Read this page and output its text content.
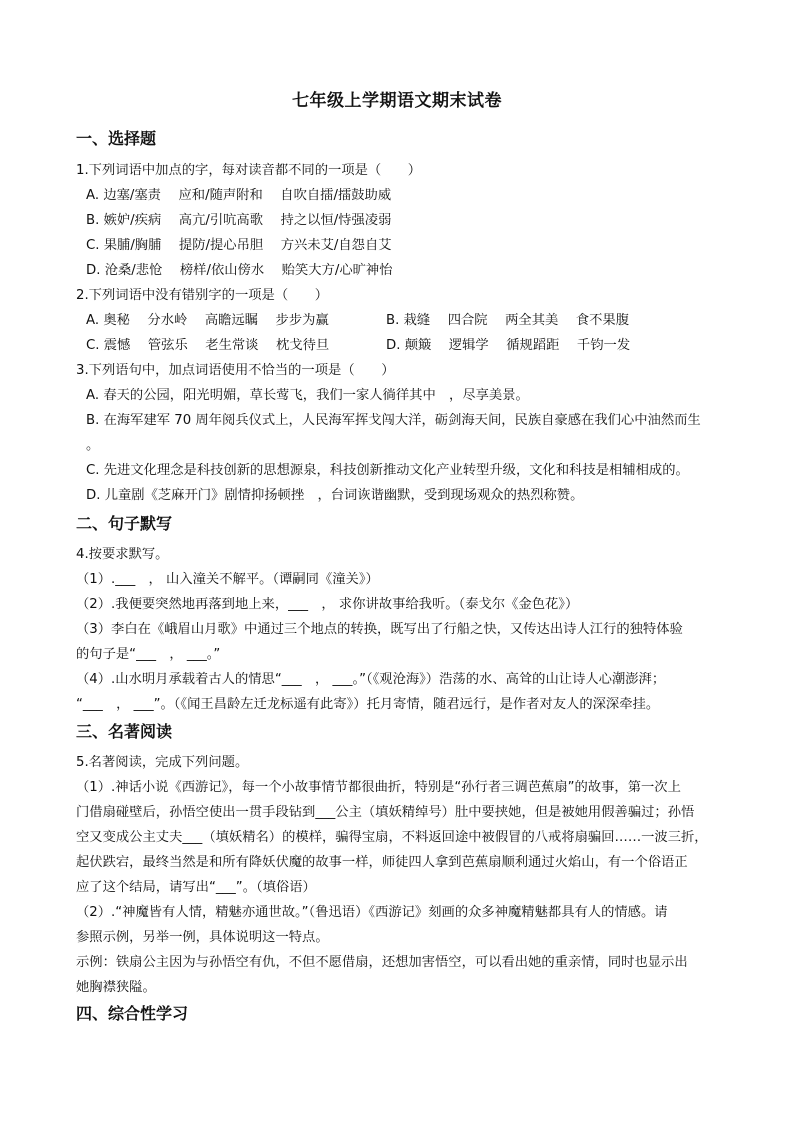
七年级上学期语文期末试卷
一、选择题
1.下列词语中加点的字，每对读音都不同的一项是（　　）
A. 边塞/塞责　 应和/随声附和　 自吹自擂/擂鼓助威
B. 嫉妒/疾病　 高亢/引吭高歌　 持之以恒/恃强凌弱
C. 果脯/胸脯　 提防/提心吊胆　 方兴未艾/自怨自艾
D. 沧桑/悲怆　 榜样/依山傍水　 贻笑大方/心旷神怡
2.下列词语中没有错别字的一项是（　　）
A. 奥秘　 分水岭　 高瞻远瞩　 步步为赢	B. 栽缝　 四合院　 两全其美　 食不果腹
C. 震憾　 管弦乐　 老生常谈　 枕戈待旦	D. 颠簸　 逻辑学　 循规蹈距　 千钧一发
3.下列语句中，加点词语使用不恰当的一项是（　　）
A. 春天的公园，阳光明媚，草长莺飞，我们一家人徜徉其中　，尽享美景。
B. 在海军建军 70 周年阅兵仪式上，人民海军挥戈闯大洋，砺剑海天间，民族自豪感在我们心中油然而生
。
C. 先进文化理念是科技创新的思想源泉，科技创新推动文化产业转型升级，文化和科技是相辅相成的。
D. 儿童剧《芝麻开门》剧情抑扬顿挫　，台词诙谐幽默，受到现场观众的热烈称赞。
二、句子默写
4.按要求默写。
（1）.___　， 山入潼关不解平。（谭嗣同《潼关》）
（2）.我便要突然地再落到地上来，___　， 求你讲故事给我听。（泰戈尔《金色花》）
（3）李白在《峨眉山月歌》中通过三个地点的转换，既写出了行船之快，又传达出诗人江行的独特体验
的句子是“___　， ___。”
（4）.山水明月承载着古人的情思“___　， ___。”（《观沧海》）浩荡的水、高耸的山让诗人心潮澎湃；
“___　， ___”。（《闻王昌龄左迁龙标遥有此寄》）托月寄情，随君远行，是作者对友人的深深牵挂。
三、名著阅读
5.名著阅读，完成下列问题。
（1）.神话小说《西游记》，每一个小故事情节都很曲折，特别是“孙行者三调芭蕉扇”的故事，第一次上
门借扇碰壁后，孙悟空使出一贯手段钻到___公主（填妖精绰号）肚中要挟她，但是被她用假善骗过；孙悟
空又变成公主丈夫___（填妖精名）的模样，骗得宝扇，不料返回途中被假冒的八戒将扇骗回……一波三折，
起伏跌宕，最终当然是和所有降妖伏魔的故事一样，师徒四人拿到芭蕉扇顺利通过火焰山，有一个俗语正
应了这个结局，请写出“___”。（填俗语）
（2）.“神魔皆有人情，精魅亦通世故。”（鲁迅语）《西游记》刻画的众多神魔精魅都具有人的情感。请
参照示例，另举一例，具体说明这一特点。
示例：铁扇公主因为与孙悟空有仇，不但不愿借扇，还想加害悟空，可以看出她的重亲情，同时也显示出
她胸襟狭隘。
四、综合性学习
